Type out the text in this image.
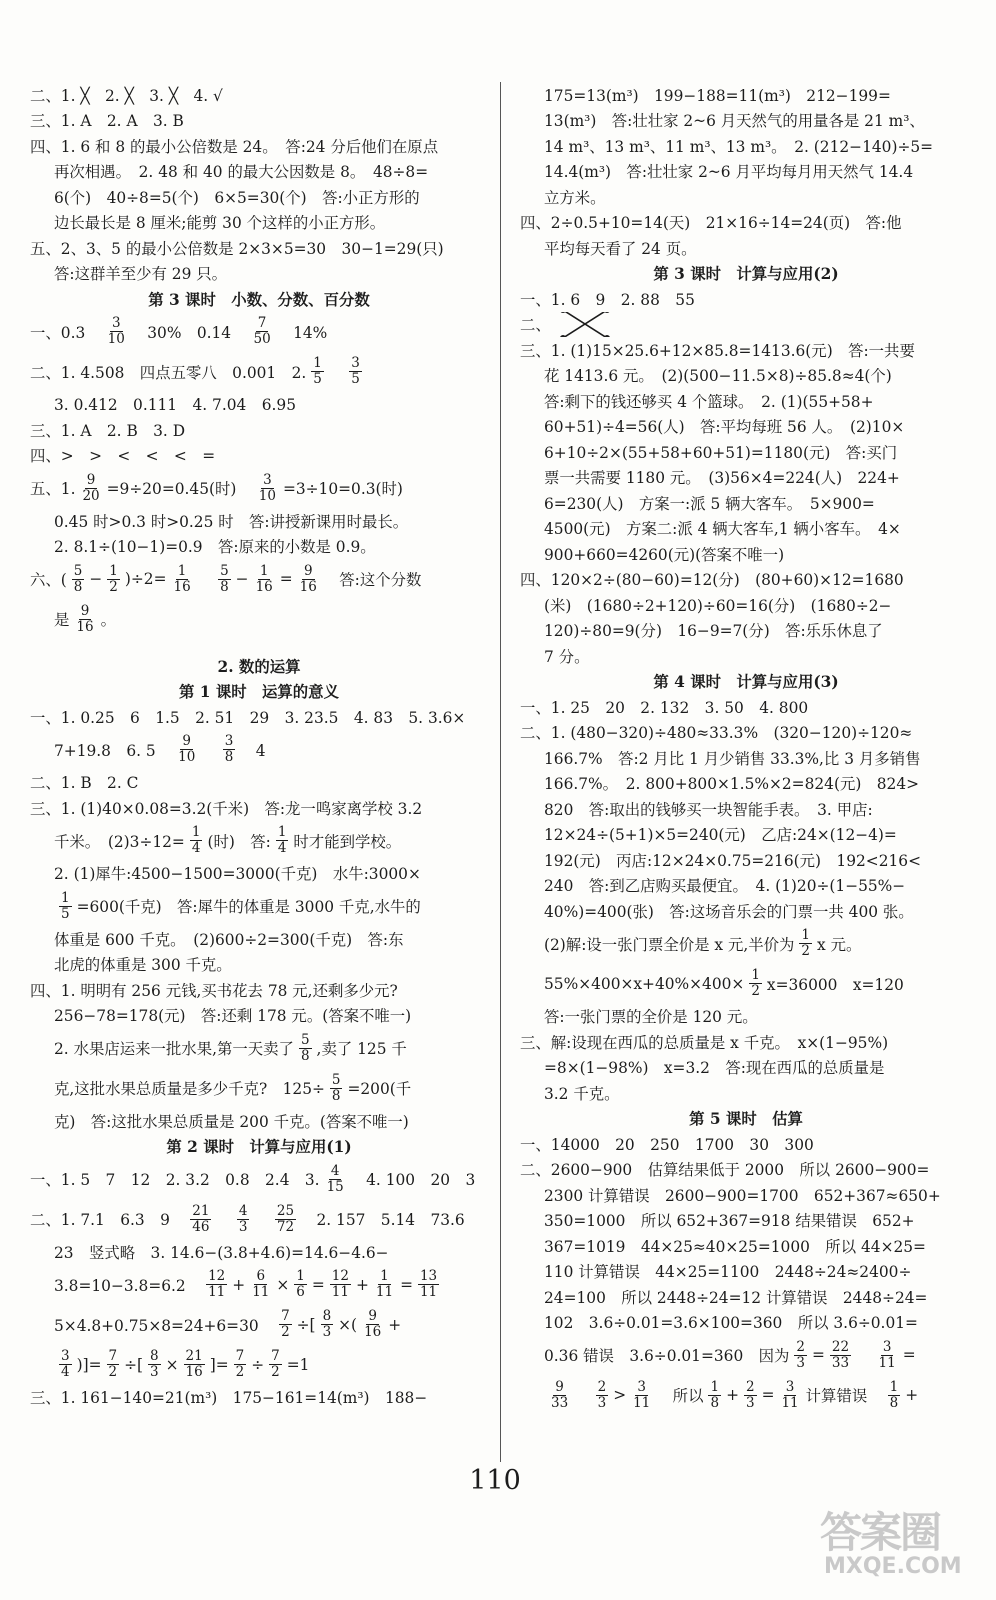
二、1. ╳　2. ╳　3. ╳　4. √
三、1. A　2. A　3. B
四、1. 6 和 8 的最小公倍数是 24。　答:24 分后他们在原点
再次相遇。　2. 48 和 40 的最大公因数是 8。　48÷8=
6(个)　40÷8=5(个)　6×5=30(个)　答:小正方形的
边长最长是 8 厘米;能剪 30 个这样的小正方形。
五、2、3、5 的最小公倍数是 2×3×5=30　30−1=29(只)
答:这群羊至少有 29 只。
第 3 课时　小数、分数、百分数
一、0.3　 $\frac{3}{10}$ 　30%　0.14　 $\frac{7}{50}$ 　14%
二、1. 4.508　四点五零八　0.001　2. $\frac{1}{5}$
　 $\frac{3}{5}$
3. 0.412　0.111　4. 7.04　6.95
三、1. A　2. B　3. D
四、>　>　<　<　<　=
五、1. $\frac{9}{20} =9\div 20=0.45$(时)　 $\frac{3}{10} =3\div 10=0.3$(时)
0.45 时>0.3 时>0.25 时　答:讲授新课用时最长。
2. 8.1÷(10−1)=0.9　答:原来的小数是 0.9。
六、( $\frac{5}{8} - \frac{1}{2} )\div 2= \frac{1}{16}$
　 $\frac{5}{8} - \frac{1}{16} = \frac{9}{16}$ 　答:这个分数
是 $\frac{9}{16}$ 。
2. 数的运算
第 1 课时　运算的意义
一、1. 0.25　6　1.5　2. 51　29　3. 23.5　4. 83　5. 3.6×
7+19.8　6. 5　 $\frac{9}{10}$
　 $\frac{3}{8}$ 　4
二、1. B　2. C
三、1. (1)40×0.08=3.2(千米)　答:龙一鸣家离学校 3.2
千米。　$(2)3\div 12= \frac{1}{4}$ (时)　答: $\frac{1}{4}$ 时才能到学校。
2. (1)犀牛:4500−1500=3000(千克)　水牛:3000×
$\frac{1}{5} =600$(千克)　答:犀牛的体重是 3000 千克,水牛的
体重是 600 千克。　(2)600÷2=300(千克)　答:东
北虎的体重是 300 千克。
四、1. 明明有 256 元钱,买书花去 78 元,还剩多少元?
256−78=178(元)　答:还剩 178 元。(答案不唯一)
2. 水果店运来一批水果,第一天卖了 $\frac{5}{8}$ ,卖了 125 千
克,这批水果总质量是多少千克?　$125\div \frac{5}{8} =200$(千
克)　答:这批水果总质量是 200 千克。(答案不唯一)
第 2 课时　计算与应用(1)
一、1. 5　7　12　2. 3.2　0.8　2.4　3. $\frac{4}{15}$ 　4. 100　20　3
二、1. 7.1　6.3　9　 $\frac{21}{46}$
　 $\frac{4}{3}$
　 $\frac{25}{72}$ 　2. 157　5.14　73.6
23　竖式略　3. 14.6−(3.8+4.6)=14.6−4.6−
3.8=10−3.8=6.2　 $\frac{12}{11} + \frac{6}{11} \times \frac{1}{6} = \frac{12}{11} + \frac{1}{11} = \frac{13}{11}$
5×4.8+0.75×8=24+6=30　 $\frac{7}{2}$ ÷[ $\frac{8}{3}$ ×( $\frac{9}{16}$ +
$\frac{3}{4}$ )]= $\frac{7}{2}$ ÷[ $\frac{8}{3} \times \frac{21}{16}$ ]= $\frac{7}{2} \div \frac{7}{2} =1$
三、1. 161−140=21(m³)　175−161=14(m³)　188−
175=13(m³)　199−188=11(m³)　212−199=
13(m³)　答:壮壮家 2~6 月天然气的用量各是 21 m³、
14 m³、13 m³、11 m³、13 m³。　2. (212−140)÷5=
14.4(m³)　答:壮壮家 2~6 月平均每月用天然气 14.4
立方米。
四、2÷0.5+10=14(天)　21×16÷14=24(页)　答:他
平均每天看了 24 页。
第 3 课时　计算与应用(2)
一、1. 6　9　2. 88　55
二、
三、1. (1)15×25.6+12×85.8=1413.6(元)　答:一共要
花 1413.6 元。　(2)(500−11.5×8)÷85.8≈4(个)
答:剩下的钱还够买 4 个篮球。　2. (1)(55+58+
60+51)÷4=56(人)　答:平均每班 56 人。　(2)10×
6+10÷2×(55+58+60+51)=1180(元)　答:买门
票一共需要 1180 元。　(3)56×4=224(人)　224+
6=230(人)　方案一:派 5 辆大客车。　5×900=
4500(元)　方案二:派 4 辆大客车,1 辆小客车。　4×
900+660=4260(元)(答案不唯一)
四、120×2÷(80−60)=12(分)　(80+60)×12=1680
(米)　(1680÷2+120)÷60=16(分)　(1680÷2−
120)÷80=9(分)　16−9=7(分)　答:乐乐休息了
7 分。
第 4 课时　计算与应用(3)
一、1. 25　20　2. 132　3. 50　4. 800
二、1. (480−320)÷480≈33.3%　(320−120)÷120≈
166.7%　答:2 月比 1 月少销售 33.3%,比 3 月多销售
166.7%。　2. 800+800×1.5%×2=824(元)　824>
820　答:取出的钱够买一块智能手表。　3. 甲店:
12×24÷(5+1)×5=240(元)　乙店:24×(12−4)=
192(元)　丙店:12×24×0.75=216(元)　192<216<
240　答:到乙店购买最便宜。　4. (1)20÷(1−55%−
40%)=400(张)　答:这场音乐会的门票一共 400 张。
(2)解:设一张门票全价是 x 元,半价为 $\frac{1}{2}$ x 元。
$55\%\times 400\times x+40\%\times 400\times \frac{1}{2} x=36000$　x=120
答:一张门票的全价是 120 元。
三、解:设现在西瓜的总质量是 x 千克。　x×(1−95%)
=8×(1−98%)　x=3.2　答:现在西瓜的总质量是
3.2 千克。
第 5 课时　估算
一、14000　20　250　1700　30　300
二、2600−900　估算结果低于 2000　所以 2600−900=
2300 计算错误　2600−900=1700　652+367≈650+
350=1000　所以 652+367=918 结果错误　652+
367=1019　44×25≈40×25=1000　所以 44×25=
110 计算错误　44×25=1100　2448÷24≈2400÷
24=100　所以 2448÷24=12 计算错误　2448÷24=
102　3.6÷0.01=3.6×100=360　所以 3.6÷0.01=
0.36 错误　3.6÷0.01=360　因为 $\frac{2}{3} = \frac{22}{33}$
　 $\frac{3}{11}$ =
$\frac{9}{33}$
　 $\frac{2}{3} > \frac{3}{11}$ 　所以 $\frac{1}{8} + \frac{2}{3} = \frac{3}{11}$ 计算错误　 $\frac{1}{8}$ +
110
答案圈
MXQE.COM
